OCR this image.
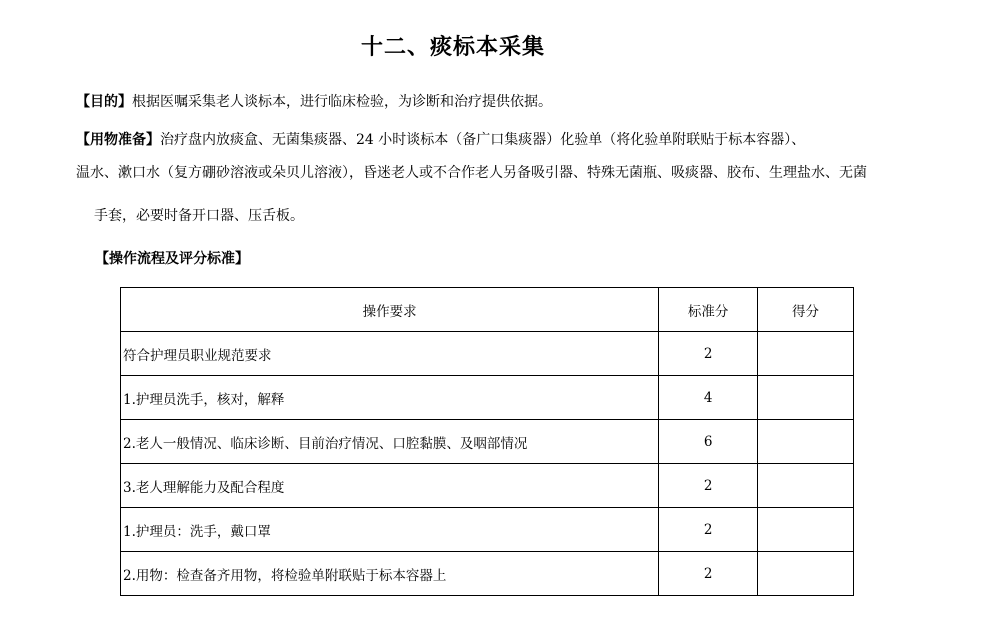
十二、痰标本采集
【目的】根据医嘱采集老人谈标本，进行临床检验，为诊断和治疗提供依据。
【用物准备】治疗盘内放痰盒、无菌集痰器、24 小时谈标本（备广口集痰器）化验单（将化验单附联贴于标本容器）、
温水、漱口水（复方硼砂溶液或朵贝儿溶液），昏迷老人或不合作老人另备吸引器、特殊无菌瓶、吸痰器、胶布、生理盐水、无菌
手套，必要时备开口器、压舌板。
【操作流程及评分标准】
操作要求	标准分	得分
符合护理员职业规范要求	2	
1.护理员洗手，核对，解释	4	
2.老人一般情况、临床诊断、目前治疗情况、口腔黏膜、及咽部情况	6	
3.老人理解能力及配合程度	2	
1.护理员：洗手，戴口罩	2	
2.用物：检查备齐用物，将检验单附联贴于标本容器上	2	
